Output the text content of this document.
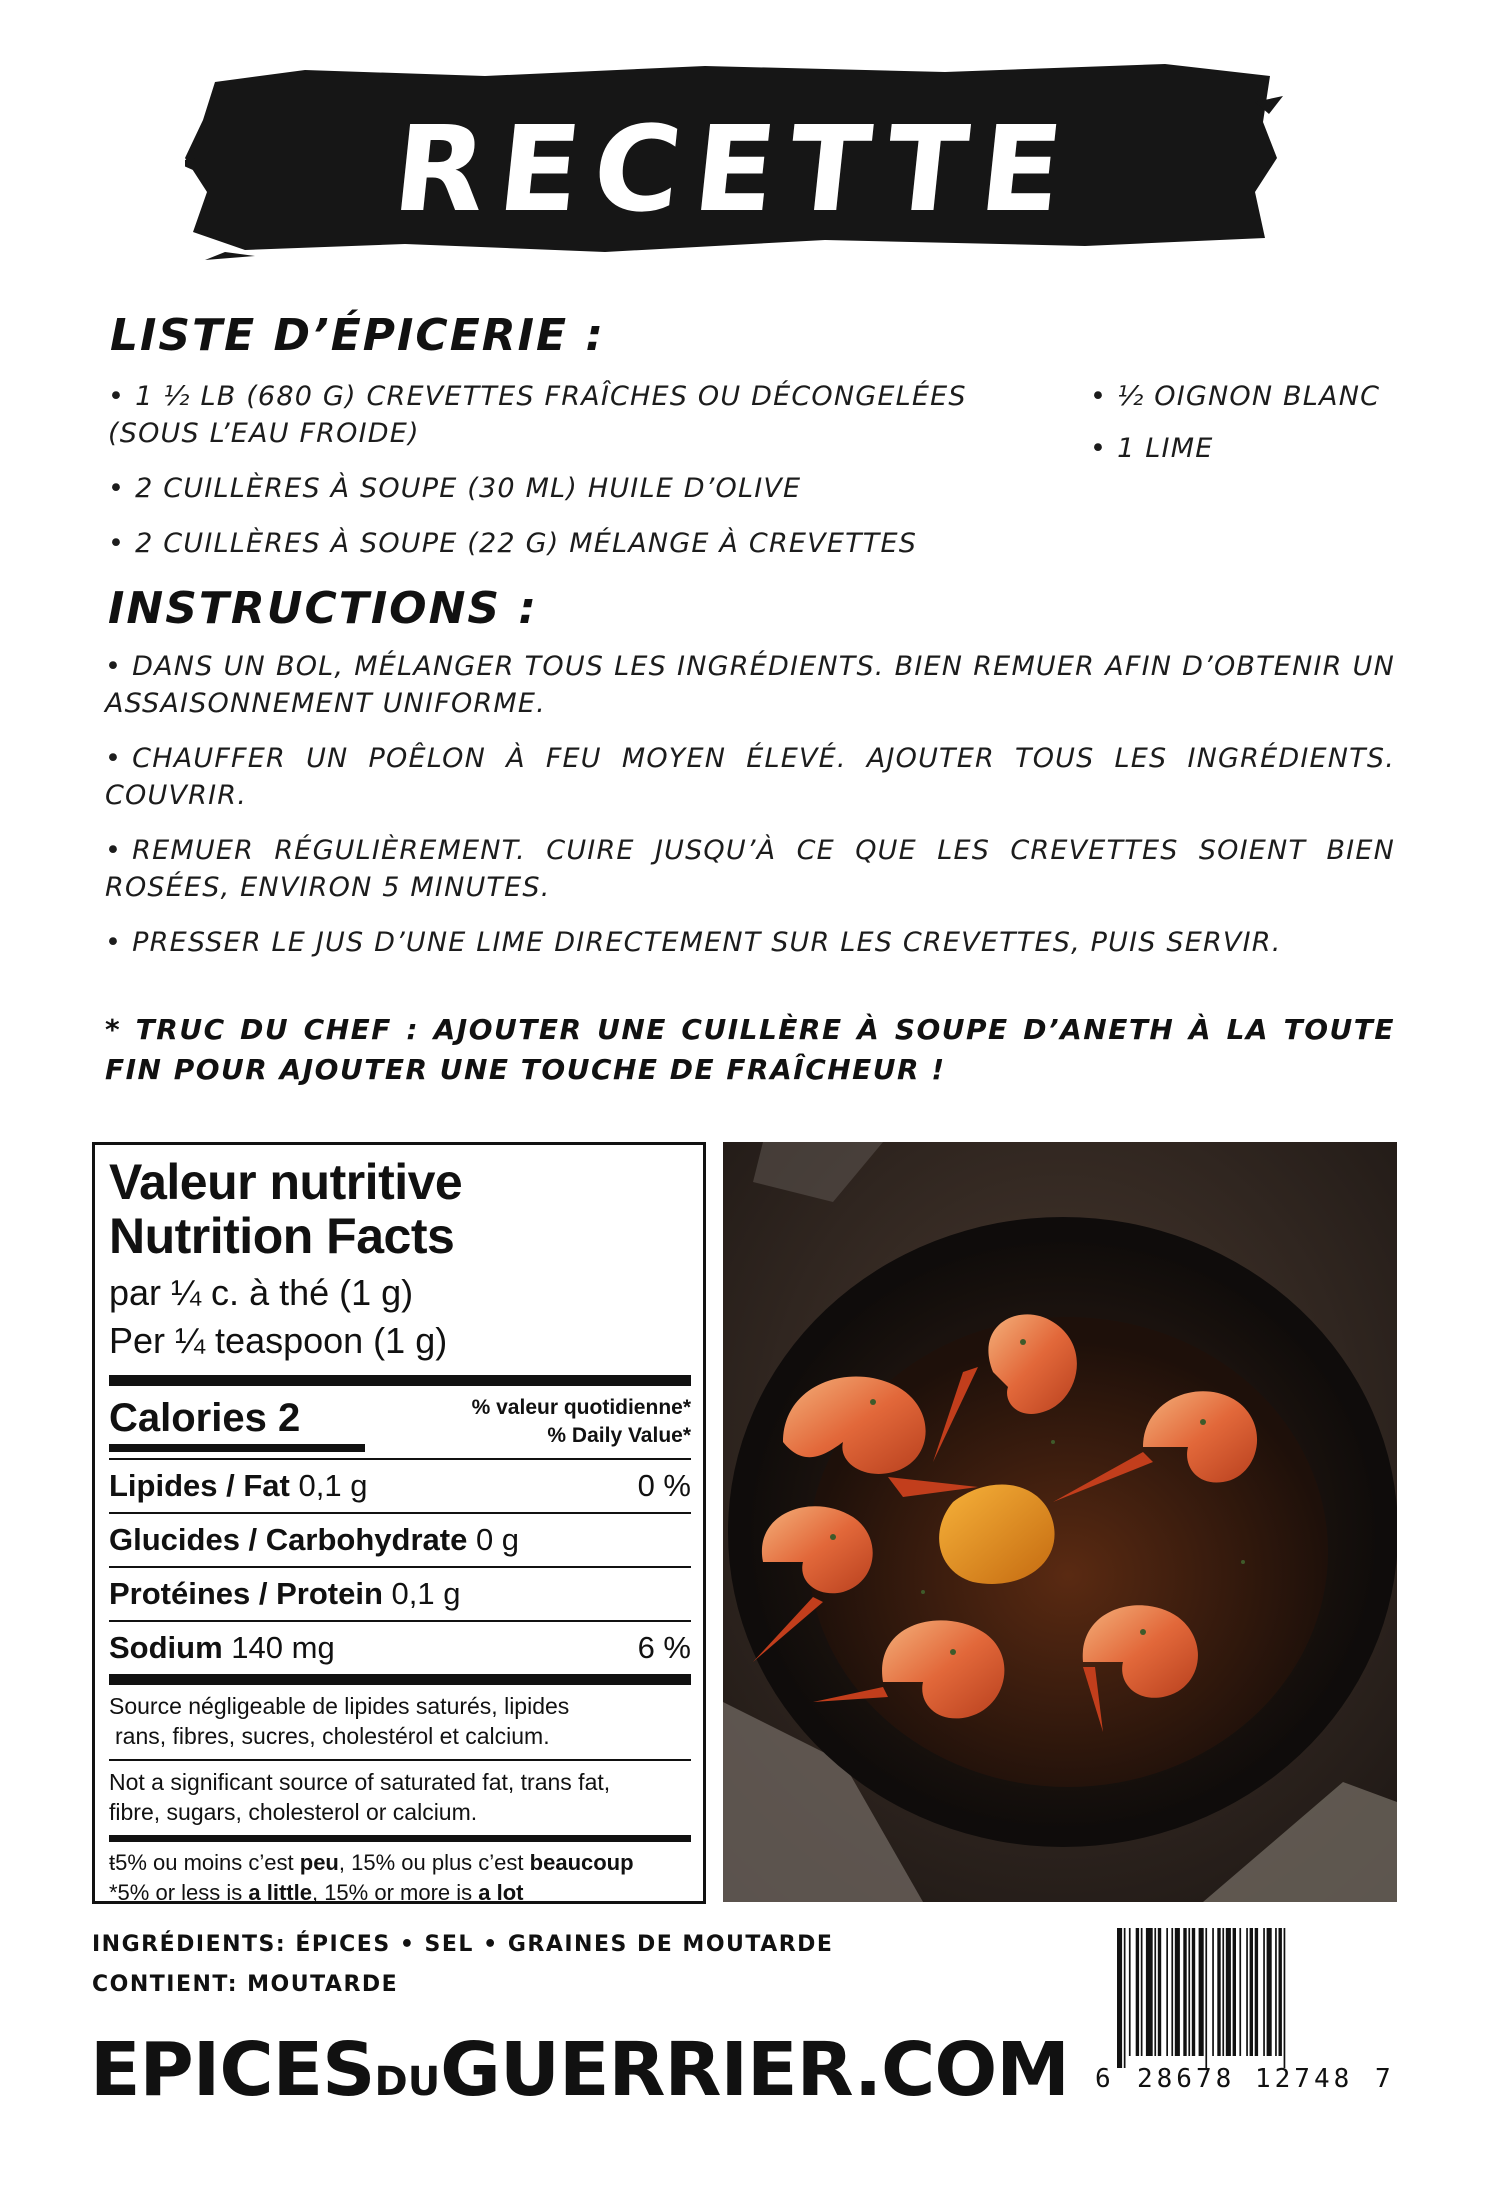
RECETTE
LISTE D’ÉPICERIE :
• 1 ½ LB (680 G) CREVETTES FRAÎCHES OU DÉCONGELÉES (SOUS L’EAU FROIDE)
• 2 CUILLÈRES À SOUPE (30 ML) HUILE D’OLIVE
• 2 CUILLÈRES À SOUPE (22 G) MÉLANGE À CREVETTES
• ½ OIGNON BLANC
• 1 LIME
INSTRUCTIONS :
• DANS UN BOL, MÉLANGER TOUS LES INGRÉDIENTS. BIEN REMUER AFIN D’OBTENIR UN ASSAISONNEMENT UNIFORME.
• CHAUFFER UN POÊLON À FEU MOYEN ÉLEVÉ. AJOUTER TOUS LES INGRÉDIENTS. COUVRIR.
• REMUER RÉGULIÈREMENT. CUIRE JUSQU’À CE QUE LES CREVETTES SOIENT BIEN ROSÉES, ENVIRON 5 MINUTES.
• PRESSER LE JUS D’UNE LIME DIRECTEMENT SUR LES CREVETTES, PUIS SERVIR.
* TRUC DU CHEF : AJOUTER UNE CUILLÈRE À SOUPE D’ANETH À LA TOUTE FIN POUR AJOUTER UNE TOUCHE DE FRAÎCHEUR !
Valeur nutritive
Nutrition Facts
par ¼ c. à thé (1 g)
Per ¼ teaspoon (1 g)
Calories 2	% valeur quotidienne*
% Daily Value*
Lipides / Fat 0,1 g	0 %
Glucides / Carbohydrate 0 g
Protéines / Protein 0,1 g
Sodium 140 mg	6 %
Source négligeable de lipides saturés, lipides
rans, fibres, sucres, cholestérol et calcium.
Not a significant source of saturated fat, trans fat,
fibre, sugars, cholesterol or calcium.
ŧ5% ou moins c’est peu, 15% ou plus c’est beaucoup
*5% or less is a little, 15% or more is a lot
INGRÉDIENTS: ÉPICES • SEL • GRAINES DE MOUTARDE
CONTIENT: MOUTARDE
EPICESDUGUERRIER.COM 6 28678 12748 7
